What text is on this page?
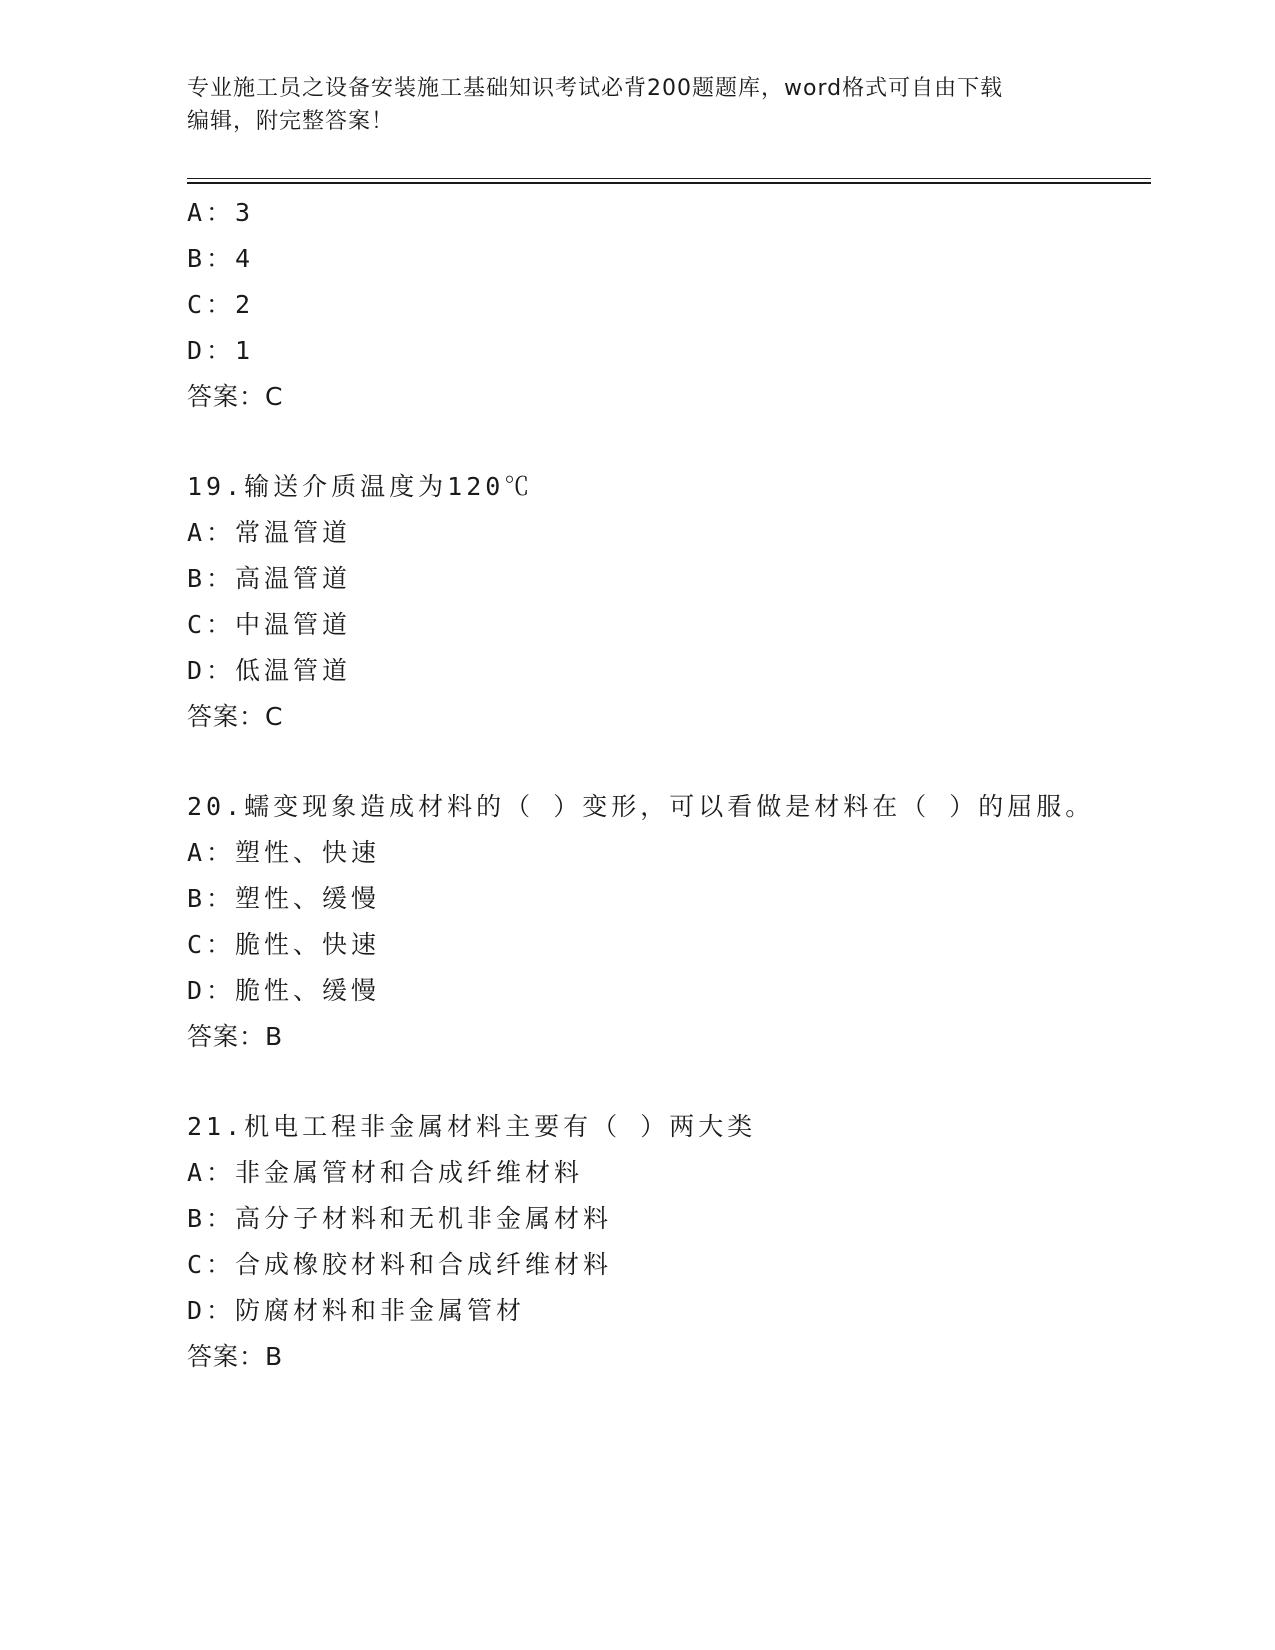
专业施工员之设备安装施工基础知识考试必背200题题库，word格式可自由下载
编辑，附完整答案！
A：3
B：4
C：2
D：1
答案：C
19.输送介质温度为120℃
A：常温管道
B：高温管道
C：中温管道
D：低温管道
答案：C
20.蠕变现象造成材料的（ ）变形，可以看做是材料在（ ）的屈服。
A：塑性、快速
B：塑性、缓慢
C：脆性、快速
D：脆性、缓慢
答案：B
21.机电工程非金属材料主要有（ ）两大类
A：非金属管材和合成纤维材料
B：高分子材料和无机非金属材料
C：合成橡胶材料和合成纤维材料
D：防腐材料和非金属管材
答案：B
